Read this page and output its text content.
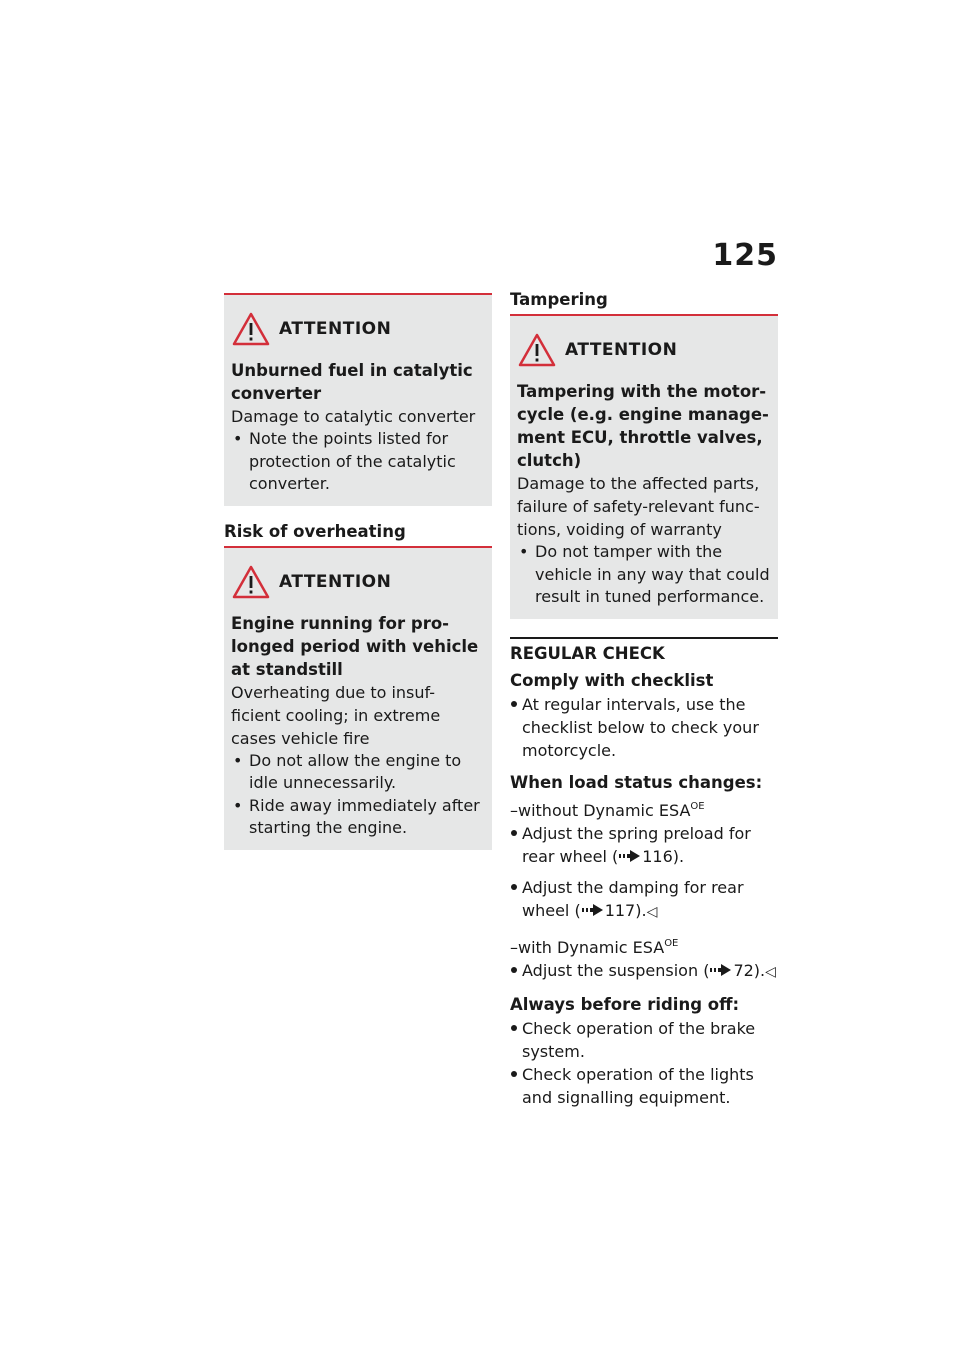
125
ATTENTION
Unburned fuel in catalytic converter
Damage to catalytic converter
• Note the points listed for protection of the catalytic converter.
Risk of overheating
ATTENTION
Engine running for pro-longed period with vehicle at standstill
Overheating due to insuf-ficient cooling; in extreme cases vehicle fire
• Do not allow the engine to idle unnecessarily.
• Ride away immediately after starting the engine.
Tampering
ATTENTION
Tampering with the motor-cycle (e.g. engine manage-ment ECU, throttle valves, clutch)
Damage to the affected parts, failure of safety-relevant func-tions, voiding of warranty
• Do not tamper with the vehicle in any way that could result in tuned performance.
REGULAR CHECK
Comply with checklist
At regular intervals, use the checklist below to check your motorcycle.
When load status changes:
–without Dynamic $ESA^{OE}$
Adjust the spring preload for rear wheel ( 116).
Adjust the damping for rear wheel ( 117).◁
–with Dynamic $ESA^{OE}$
Adjust the suspension ( 72).◁
Always before riding off:
Check operation of the brake system.
Check operation of the lights and signalling equipment.
